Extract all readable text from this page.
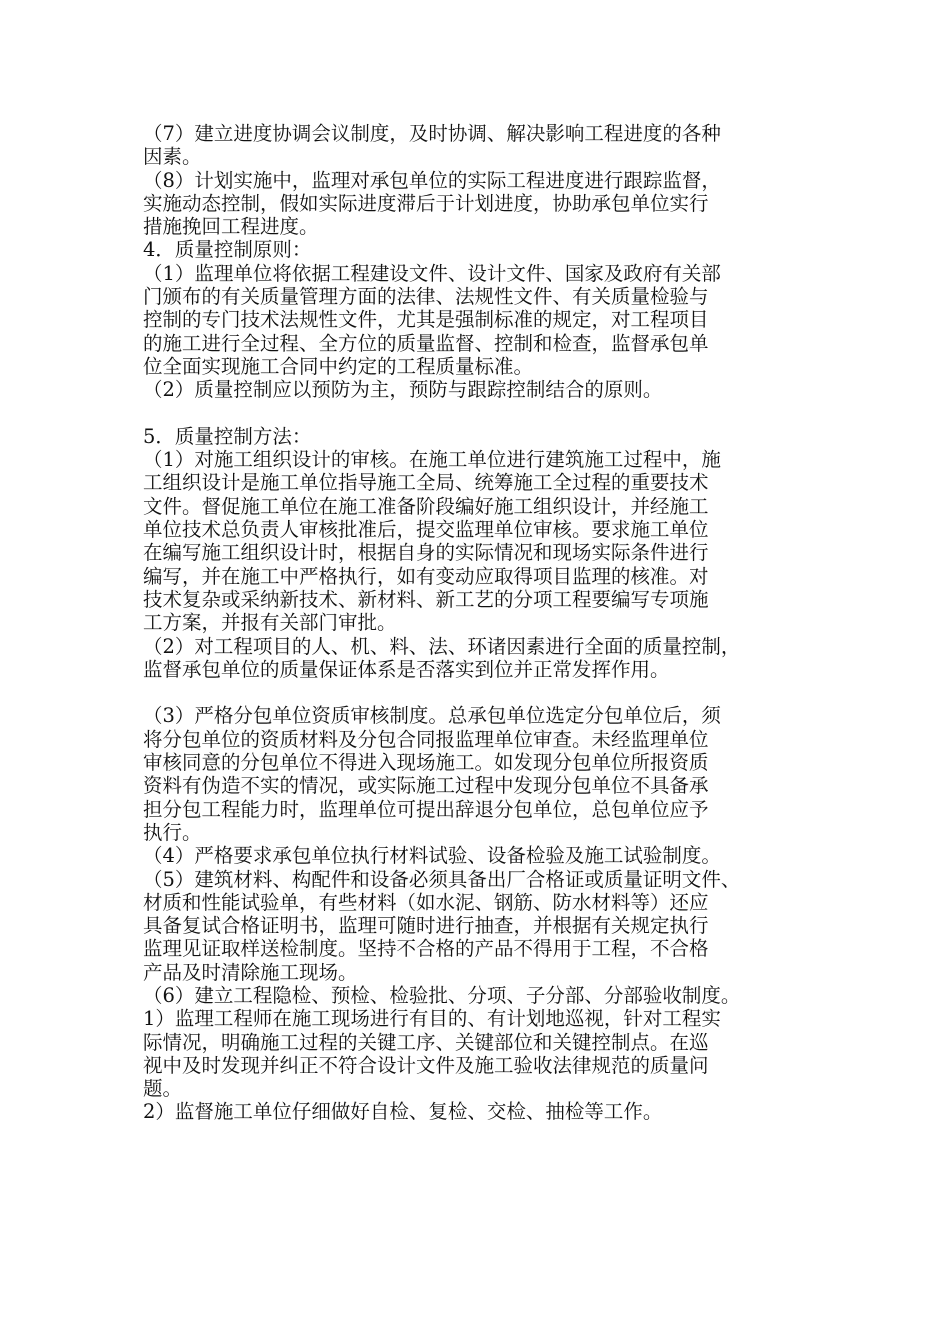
（7）建立进度协调会议制度，及时协调、解决影响工程进度的各种
因素。
（8）计划实施中，监理对承包单位的实际工程进度进行跟踪监督，
实施动态控制，假如实际进度滞后于计划进度，协助承包单位实行
措施挽回工程进度。
4．质量控制原则：
（1）监理单位将依据工程建设文件、设计文件、国家及政府有关部
门颁布的有关质量管理方面的法律、法规性文件、有关质量检验与
控制的专门技术法规性文件，尤其是强制标准的规定，对工程项目
的施工进行全过程、全方位的质量监督、控制和检查，监督承包单
位全面实现施工合同中约定的工程质量标准。
（2）质量控制应以预防为主，预防与跟踪控制结合的原则。
5．质量控制方法：
（1）对施工组织设计的审核。在施工单位进行建筑施工过程中，施
工组织设计是施工单位指导施工全局、统筹施工全过程的重要技术
文件。督促施工单位在施工准备阶段编好施工组织设计，并经施工
单位技术总负责人审核批准后，提交监理单位审核。要求施工单位
在编写施工组织设计时，根据自身的实际情况和现场实际条件进行
编写，并在施工中严格执行，如有变动应取得项目监理的核准。对
技术复杂或采纳新技术、新材料、新工艺的分项工程要编写专项施
工方案，并报有关部门审批。
（2）对工程项目的人、机、料、法、环诸因素进行全面的质量控制，
监督承包单位的质量保证体系是否落实到位并正常发挥作用。
（3）严格分包单位资质审核制度。总承包单位选定分包单位后，须
将分包单位的资质材料及分包合同报监理单位审查。未经监理单位
审核同意的分包单位不得进入现场施工。如发现分包单位所报资质
资料有伪造不实的情况，或实际施工过程中发现分包单位不具备承
担分包工程能力时，监理单位可提出辞退分包单位，总包单位应予
执行。
（4）严格要求承包单位执行材料试验、设备检验及施工试验制度。
（5）建筑材料、构配件和设备必须具备出厂合格证或质量证明文件、
材质和性能试验单，有些材料（如水泥、钢筋、防水材料等）还应
具备复试合格证明书，监理可随时进行抽查，并根据有关规定执行
监理见证取样送检制度。坚持不合格的产品不得用于工程，不合格
产品及时清除施工现场。
（6）建立工程隐检、预检、检验批、分项、子分部、分部验收制度。
1）监理工程师在施工现场进行有目的、有计划地巡视，针对工程实
际情况，明确施工过程的关键工序、关键部位和关键控制点。在巡
视中及时发现并纠正不符合设计文件及施工验收法律规范的质量问
题。
2）监督施工单位仔细做好自检、复检、交检、抽检等工作。
